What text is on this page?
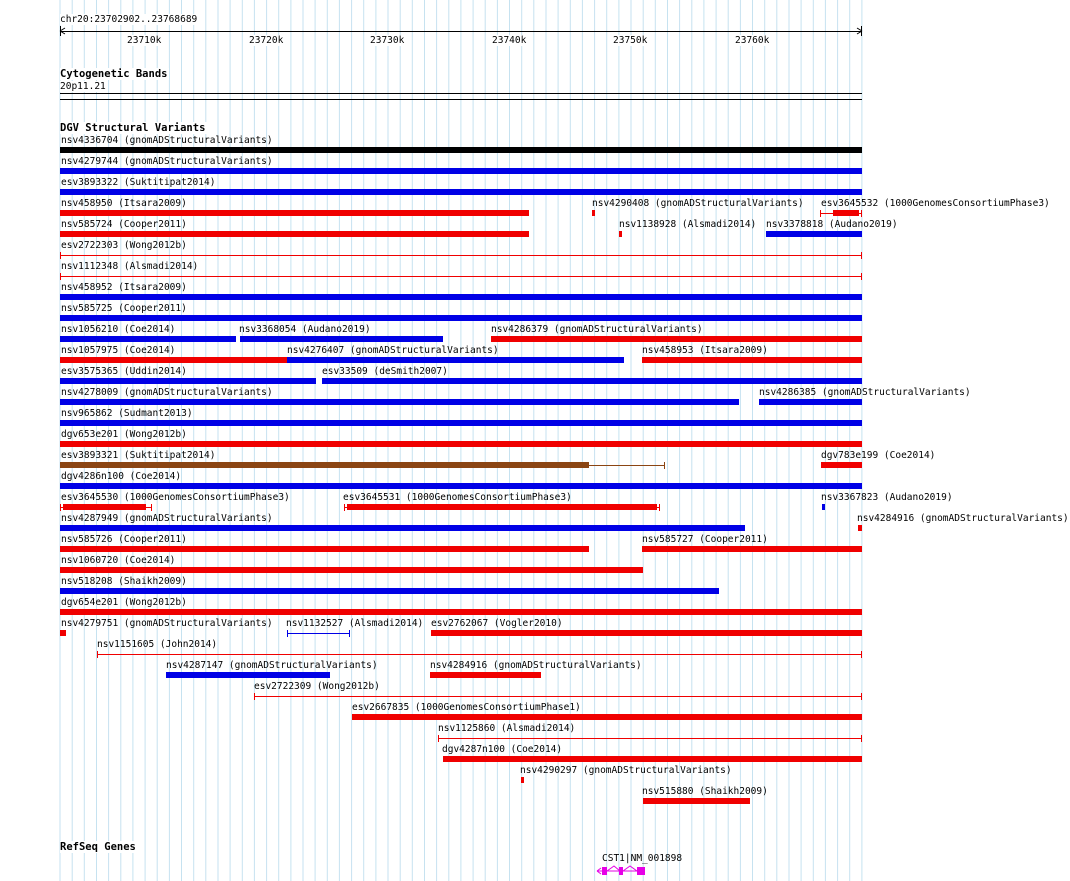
chr20:23702902..23768689
23710k	23720k	23730k	23740k	23750k	23760k
Cytogenetic Bands
20p11.21
DGV Structural Variants
nsv4336704 (gnomADStructuralVariants)
nsv4279744 (gnomADStructuralVariants)
esv3893322 (Suktitipat2014)
nsv458950 (Itsara2009)	nsv4290408 (gnomADStructuralVariants) esv3645532 (1000GenomesConsortiumPhase3)
nsv585724 (Cooper2011)	nsv1138928 (Alsmadi2014) nsv3378818 (Audano2019)
esv2722303 (Wong2012b)
nsv1112348 (Alsmadi2014)
nsv458952 (Itsara2009)
nsv585725 (Cooper2011)
nsv1056210 (Coe2014)	nsv3368054 (Audano2019)	nsv4286379 (gnomADStructuralVariants)
nsv1057975 (Coe2014)	nsv4276407 (gnomADStructuralVariants)	nsv458953 (Itsara2009)
esv3575365 (Uddin2014)	esv33509 (deSmith2007)
nsv4278009 (gnomADStructuralVariants)	nsv4286385 (gnomADStructuralVariants)
nsv965862 (Sudmant2013)
dgv653e201 (Wong2012b)
esv3893321 (Suktitipat2014)	dgv783e199 (Coe2014)
dgv4286n100 (Coe2014)
esv3645530 (1000GenomesConsortiumPhase3)	esv3645531 (1000GenomesConsortiumPhase3)	nsv3367823 (Audano2019)
nsv4287949 (gnomADStructuralVariants)	nsv4284916 (gnomADStructuralVariants)
nsv585726 (Cooper2011)	nsv585727 (Cooper2011)
nsv1060720 (Coe2014)
nsv518208 (Shaikh2009)
dgv654e201 (Wong2012b)
nsv4279751 (gnomADStructuralVariants) nsv1132527 (Alsmadi2014) esv2762067 (Vogler2010)
nsv1151605 (John2014)
nsv4287147 (gnomADStructuralVariants)	nsv4284916 (gnomADStructuralVariants)
esv2722309 (Wong2012b)
esv2667835 (1000GenomesConsortiumPhase1)
nsv1125860 (Alsmadi2014)
dgv4287n100 (Coe2014)
nsv4290297 (gnomADStructuralVariants)
nsv515880 (Shaikh2009)
RefSeq Genes
CST1|NM_001898
